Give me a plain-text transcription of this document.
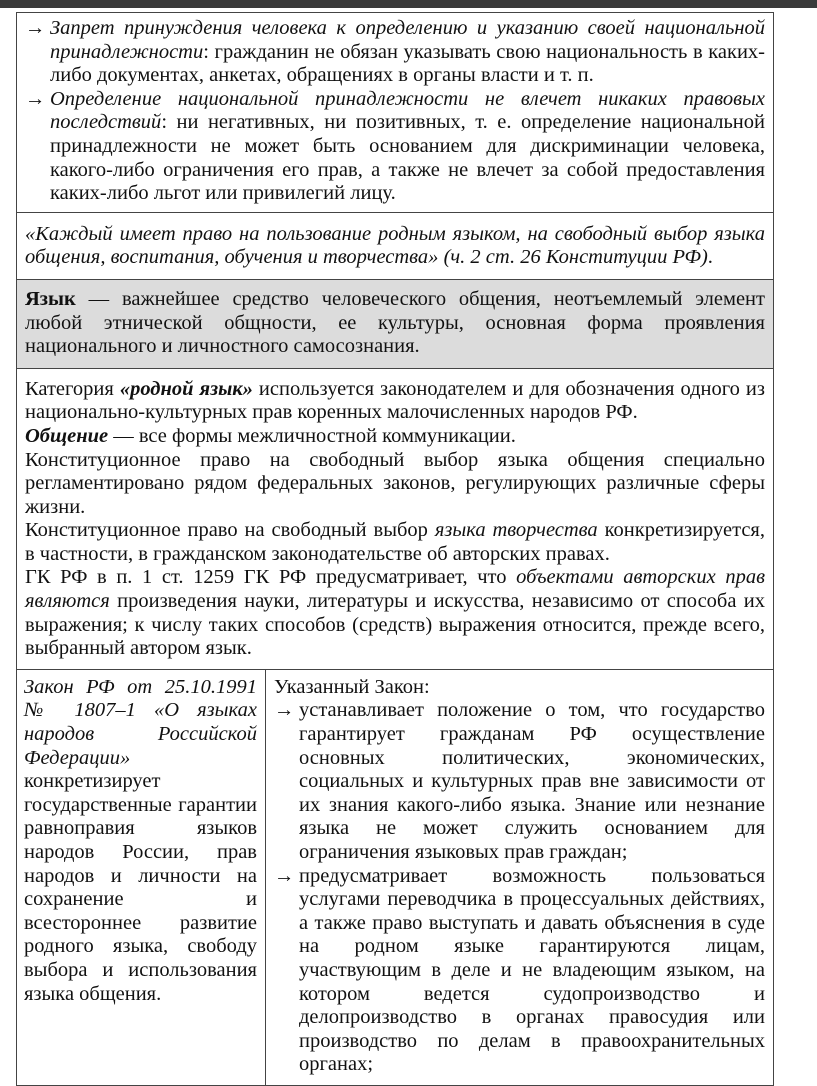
→ Запрет принуждения человека к определению и указанию своей национальной принадлежности: гражданин не обязан указывать свою национальность в каких-либо документах, анкетах, обращениях в органы власти и т. п.
→ Определение национальной принадлежности не влечет никаких правовых последствий: ни негативных, ни позитивных, т. е. определение национальной принадлежности не может быть основанием для дискриминации человека, какого-либо ограничения его прав, а также не влечет за собой предоставления каких-либо льгот или привилегий лицу.
«Каждый имеет право на пользование родным языком, на свободный выбор языка общения, воспитания, обучения и творчества» (ч. 2 ст. 26 Конституции РФ).
Язык — важнейшее средство человеческого общения, неотъемлемый элемент любой этнической общности, ее культуры, основная форма проявления национального и личностного самосознания.

Категория «родной язык» используется законодателем и для обозначения одного из национально-культурных прав коренных малочисленных народов РФ.

Общение — все формы межличностной коммуникации.

Конституционное право на свободный выбор языка общения специально регламентировано рядом федеральных законов, регулирующих различные сферы жизни.

Конституционное право на свободный выбор языка творчества конкретизируется, в частности, в гражданском законодательстве об авторских правах.

ГК РФ в п. 1 ст. 1259 ГК РФ предусматривает, что объектами авторских прав являются произведения науки, литературы и искусства, независимо от способа их выражения; к числу таких способов (средств) выражения относится, прежде всего, выбранный автором язык.

Закон РФ от 25.10.1991 № 1807–1 «О языках народов Российской Федерации» конкретизирует государственные гарантии равноправия языков народов России, прав народов и личности на сохранение и всестороннее развитие родного языка, свободу выбора и использования языка общения.

Указанный Закон:

→ устанавливает положение о том, что государство гарантирует гражданам РФ осуществление основных политических, экономических, социальных и культурных прав вне зависимости от их знания какого-либо языка. Знание или незнание языка не может служить основанием для ограничения языковых прав граждан;
→ предусматривает возможность пользоваться услугами переводчика в процессуальных действиях, а также право выступать и давать объяснения в суде на родном языке гарантируются лицам, участвующим в деле и не владеющим языком, на котором ведется судопроизводство и делопроизводство в органах правосудия или производство по делам в правоохранительных органах;
